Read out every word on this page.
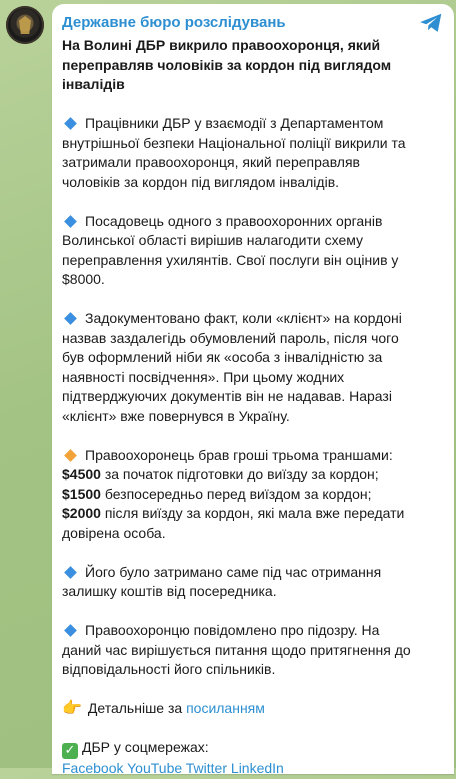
Державне бюро розслідувань
На Волині ДБР викрило правоохоронця, який переправляв чоловіків за кордон під виглядом інвалідів
Працівники ДБР у взаємодії з Департаментом внутрішньої безпеки Національної поліції викрили та затримали правоохоронця, який переправляв чоловіків за кордон під виглядом інвалідів.
Посадовець одного з правоохоронних органів Волинської області вирішив налагодити схему переправлення ухилянтів. Свої послуги він оцінив у $8000.
Задокументовано факт, коли «клієнт» на кордоні назвав заздалегідь обумовлений пароль, після чого був оформлений ніби як «особа з інвалідністю за наявності посвідчення». При цьому жодних підтверджуючих документів він не надавав. Наразі «клієнт» вже повернувся в Україну.
Правоохоронець брав гроші трьома траншами:
$4500 за початок підготовки до виїзду за кордон;
$1500 безпосередньо перед виїздом за кордон;
$2000 після виїзду за кордон, які мала вже передати довірена особа.
Його було затримано саме під час отримання залишку коштів від посередника.
Правоохоронцю повідомлено про підозру. На даний час вирішується питання щодо притягнення до відповідальності його спільників.
👉 Детальніше за посиланням
✓ ДБР у соцмережах:
Facebook YouTube Twitter LinkedIn
